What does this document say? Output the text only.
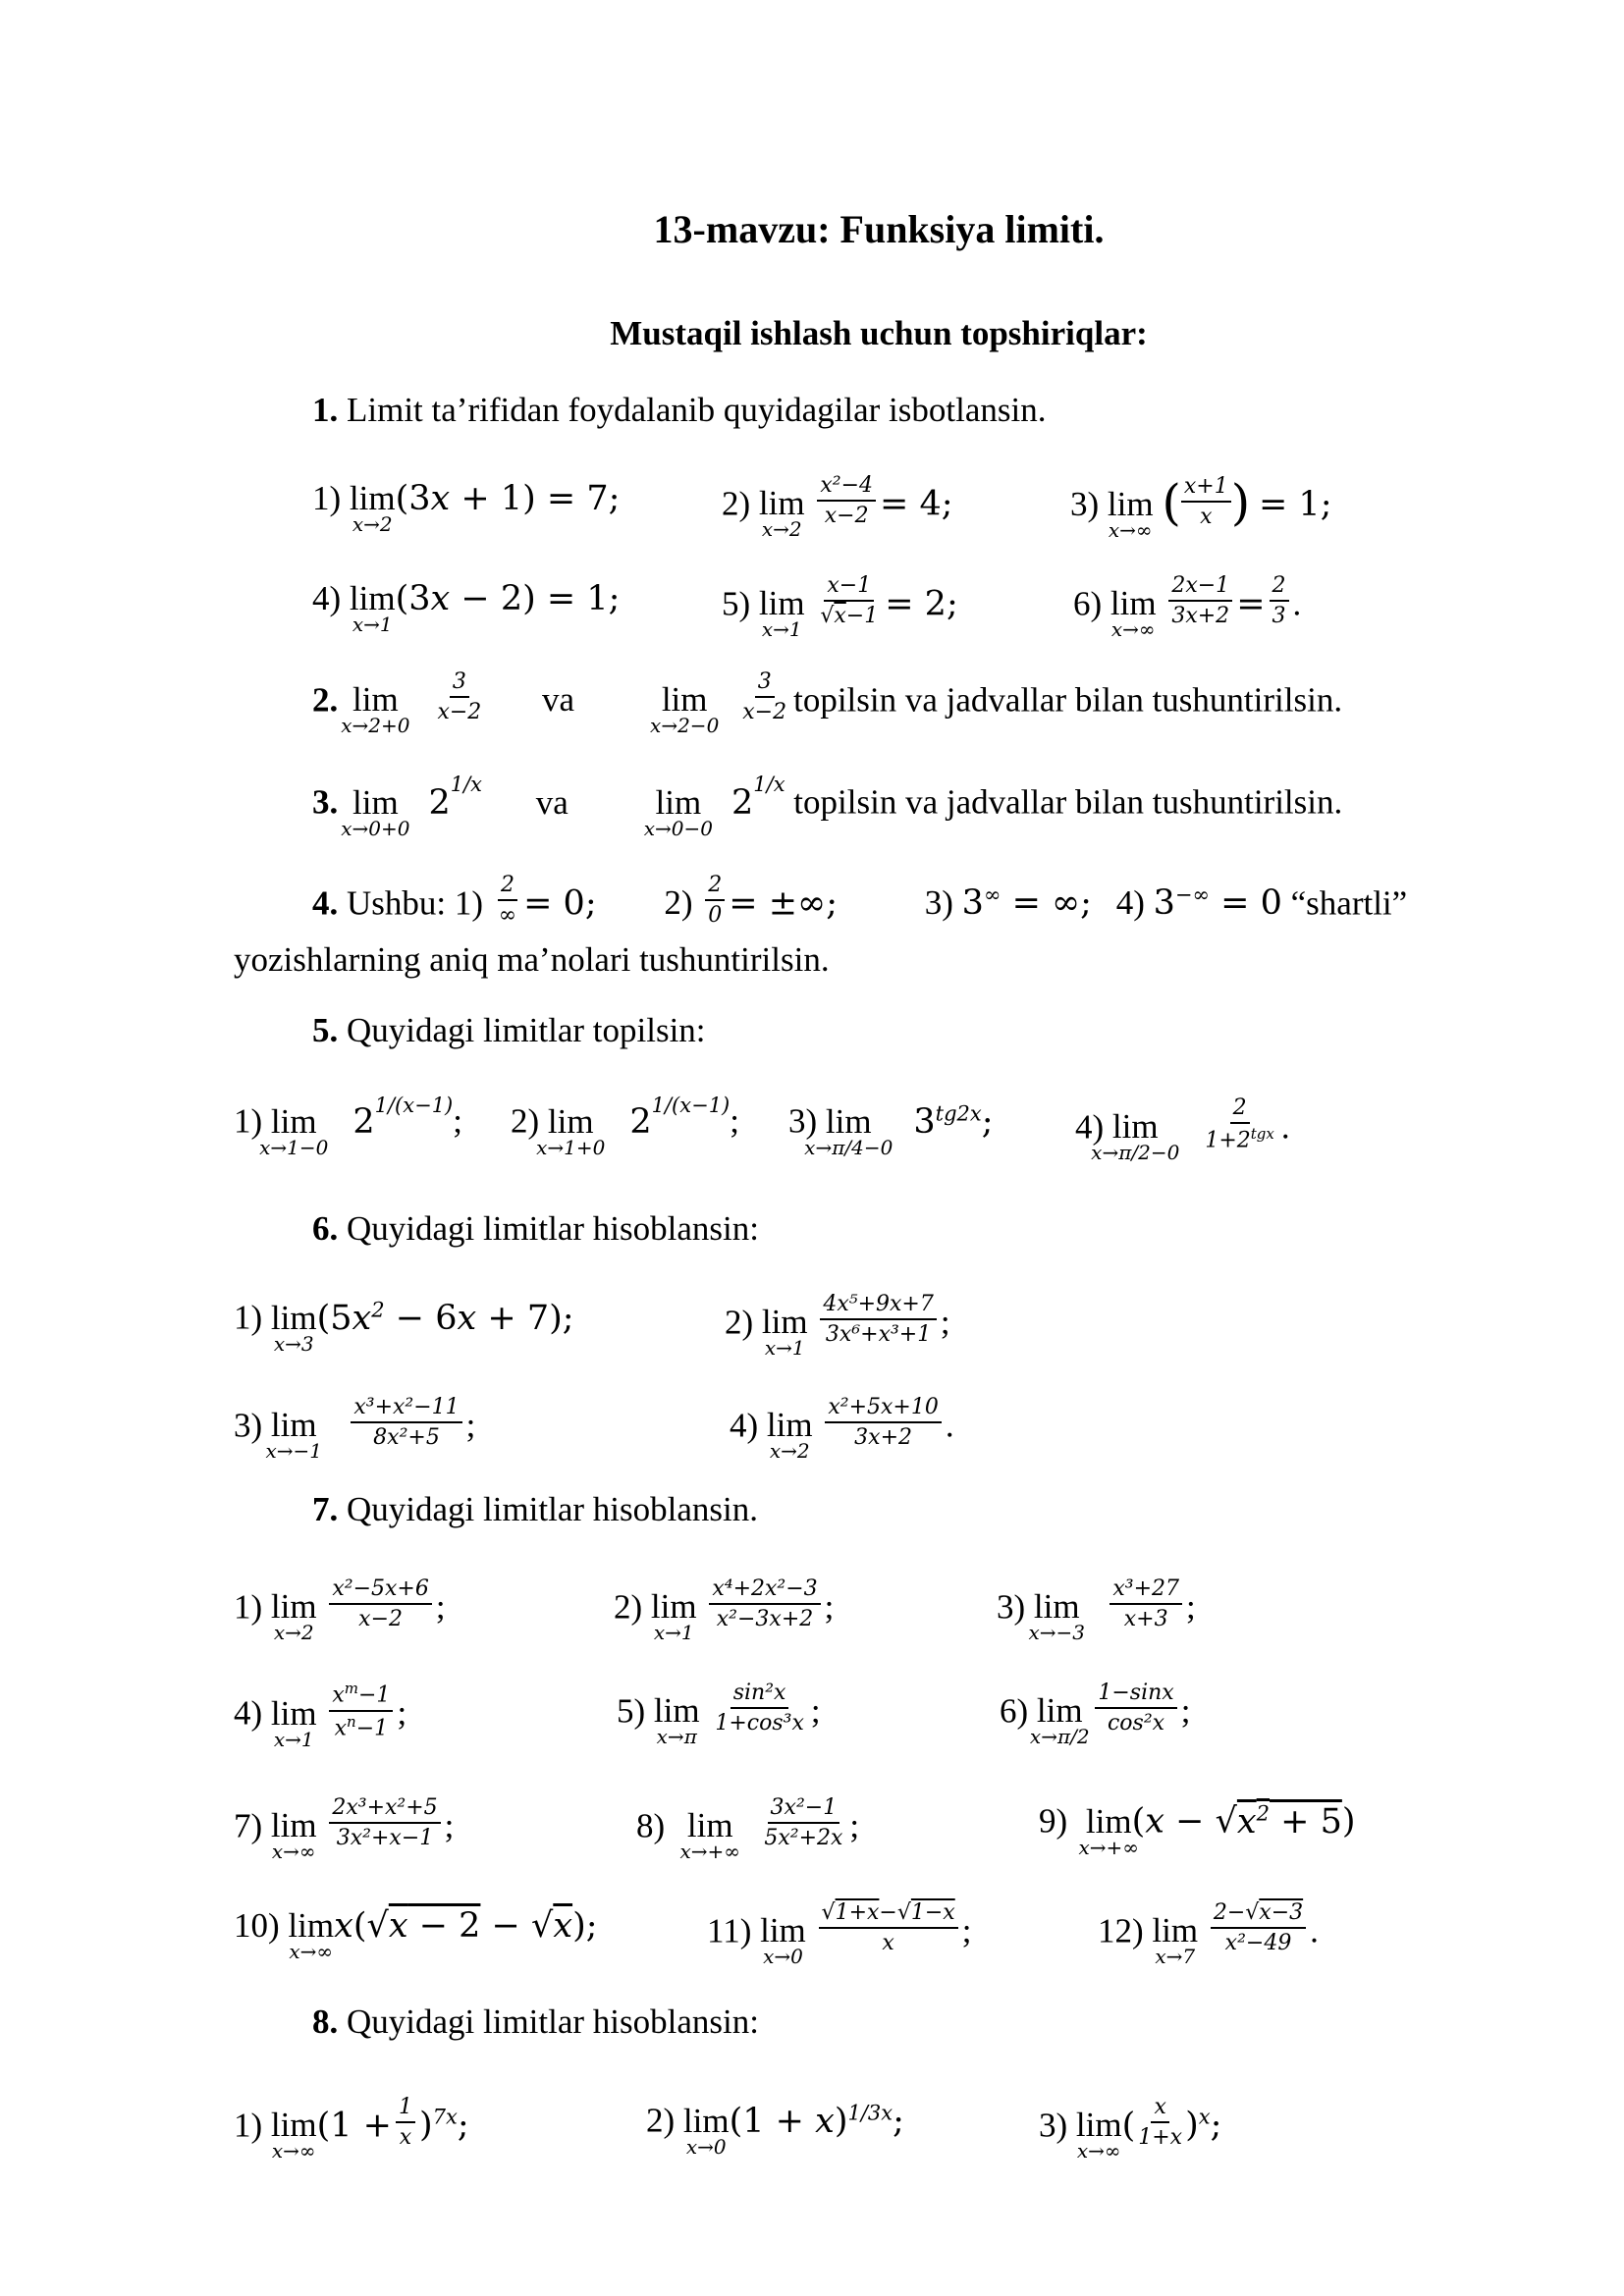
13-mavzu: Funksiya limiti.
Mustaqil ishlash uchun topshiriqlar:
1. Limit ta’rifidan foydalanib quyidagilar isbotlansin.
1) lim
x→2
(3x + 1) = 7;	2) lim
x→2

$\frac{\text{x²−4}}{x-2} = 4$;	3) lim
x→∞ ( $\frac{x+1}{x}$ ) = 1;
4) lim
x→1
(3x − 2) = 1;	5) lim
x→1

$\frac{x-1}{√x-1} = 2$;	6) lim
x→∞

$\frac{2x-1}{3x+2} = \frac{2}{3}$ .
2. lim
x→2+0

$\frac{3}{x-2}$ va	lim
x→2−0

$\frac{3}{x-2}$ topilsin va jadvallar bilan tushuntirilsin.
3. lim
x→0+0
$2^{1/x}$ va	lim
x→0−0
$2^{1/x}$ topilsin va jadvallar bilan tushuntirilsin.
4. Ushbu: $1) \frac{2}{\infty} = 0$; $2) \frac{2}{0}$ = ±∞;	3) 3∞ = ∞; 4) 3−∞ = 0 “shartli”
yozishlarning aniq ma’nolari tushuntirilsin.
5. Quyidagi limitlar topilsin:
1) lim
x→1−0
$2^{1/(x-1)}$; 2) lim
x→1+0
$2^{1/(x-1)}$; 3) lim
x→π/4−0
$3^{tg2x}$; 4) lim
x→π/2−0
$\frac{2}{1+2^{tgx}}$ .
6. Quyidagi limitlar hisoblansin:
1) lim
x→3
$(5x^2 - 6x + 7)$;	2) lim
x→1

$\frac{\text{4x⁵+9x+7}}{\text{3x⁶+x³+1}}$ ;
3) lim
x→−1

$\frac{\text{x³+x²−11}}{\text{8x²+5}}$ ;	4) lim
x→2

$\frac{\text{x²+5x+10}}{3x+2}$ .
7. Quyidagi limitlar hisoblansin.
1) lim
x→2

$\frac{\text{x²−5x+6}}{x-2}$ ;	2) lim
x→1

$\frac{\text{x⁴+2x²−3}}{\text{x²−3x+2}}$ ;	3) lim
x→−3

$\frac{\text{x³+27}}{x+3}$ ;
4) lim
x→1
$\frac{x^m-1}{x^n-1}$ ;	5) lim
x→π

$\frac{\text{sin²x}}{\text{1+cos³x}}$ ;	6) lim
x→π/2

$\frac{1-\sin x}{\text{cos²x}}$ ;
7) lim
x→∞

$\frac{\text{2x³+x²+5}}{\text{3x²+x−1}}$ ;	8) lim
x→+∞

$\frac{\text{3x²−1}}{\text{5x²+2x}}$ ;	9) lim
x→+∞
$(x - √x^2 + 5)$
10) lim
x→∞
x(√x − 2 − √x);	11) lim
x→0

$\frac{√1+x-√1-x}{x}$ ;	12) lim
x→7

$\frac{2-√x-3}{\text{x²−49}}$ .
8. Quyidagi limitlar hisoblansin:
1) lim
x→∞
$(1 + \frac{1}{x} )^{7x}$;	2) lim
x→0
$(1 + x)^{1/3x}$;	3) lim
x→∞
( $\frac{x}{1+x} )^x$;
